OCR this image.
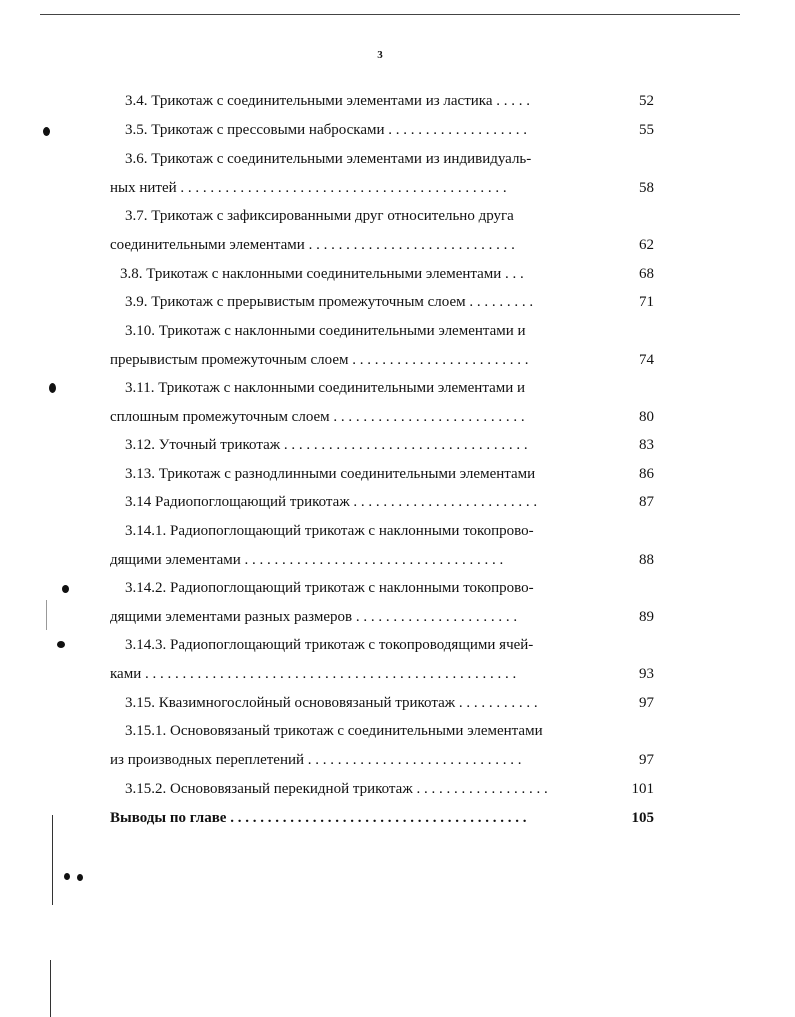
3
3.4. Трикотаж с соединительными элементами из ластика . . . . .	52
3.5. Трикотаж с прессовыми набросками . . . . . . . . . . . . . . . . . . .	55
3.6. Трикотаж с соединительными элементами из индивидуаль-
ных нитей . . . . . . . . . . . . . . . . . . . . . . . . . . . . . . . . . . . . . . . . . . . .	58
3.7. Трикотаж с зафиксированными друг относительно друга
соединительными элементами . . . . . . . . . . . . . . . . . . . . . . . . . . . .	62
3.8. Трикотаж с наклонными соединительными элементами . . .	68
3.9. Трикотаж с прерывистым промежуточным слоем . . . . . . . . .	71
3.10. Трикотаж с наклонными соединительными элементами и
прерывистым промежуточным слоем . . . . . . . . . . . . . . . . . . . . . . . .	74
3.11. Трикотаж с наклонными соединительными элементами и
сплошным промежуточным слоем . . . . . . . . . . . . . . . . . . . . . . . . . .	80
3.12. Уточный трикотаж . . . . . . . . . . . . . . . . . . . . . . . . . . . . . . . . .	83
3.13. Трикотаж с разнодлинными соединительными элементами	86
3.14 Радиопоглощающий трикотаж . . . . . . . . . . . . . . . . . . . . . . . . .	87
3.14.1. Радиопоглощающий трикотаж с наклонными токопрово-
дящими элементами . . . . . . . . . . . . . . . . . . . . . . . . . . . . . . . . . . .	88
3.14.2. Радиопоглощающий трикотаж с наклонными токопрово-
дящими элементами разных размеров . . . . . . . . . . . . . . . . . . . . . .	89
3.14.3. Радиопоглощающий трикотаж с токопроводящими ячей-
ками . . . . . . . . . . . . . . . . . . . . . . . . . . . . . . . . . . . . . . . . . . . . . . . . . .	93
3.15. Квазимногослойный основовязаный трикотаж . . . . . . . . . . .	97
3.15.1. Основовязаный трикотаж с соединительными элементами
из производных переплетений . . . . . . . . . . . . . . . . . . . . . . . . . . . . .	97
3.15.2. Основовязаный перекидной трикотаж . . . . . . . . . . . . . . . . . .	101
Выводы по главе . . . . . . . . . . . . . . . . . . . . . . . . . . . . . . . . . . . . . . . .	105
